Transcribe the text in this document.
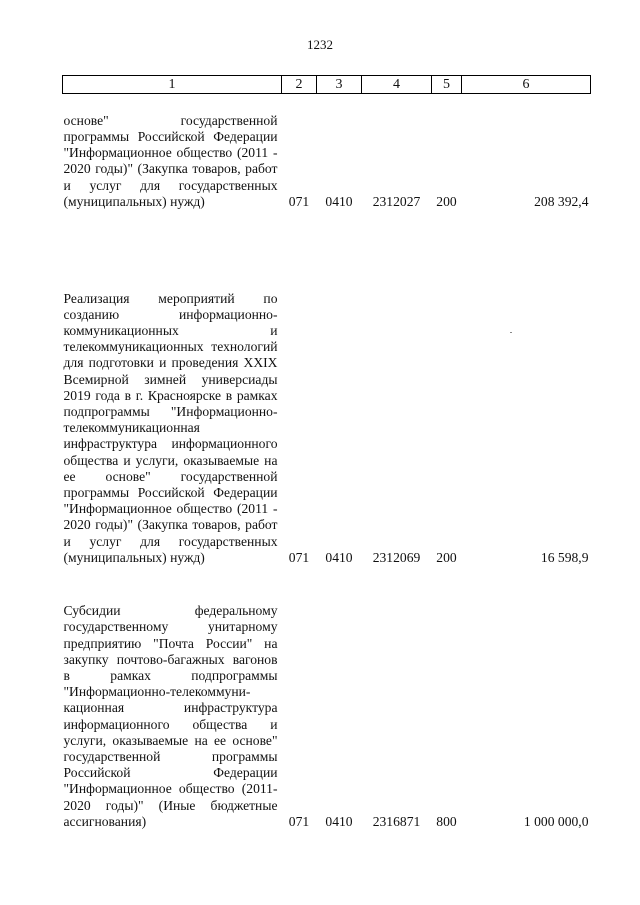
1232
1	2	3	4	5	6

основе" государственной программы Российской Федерации "Информационное общество (2011 - 2020 годы)" (Закупка товаров, работ и услуг для государственных (муниципальных) нужд)	071	0410	2312027	200	208 392,4

Реализация мероприятий по созданию информационно-коммуникационных и телекоммуникационных технологий для подготовки и проведения XXIX Всемирной зимней универсиады 2019 года в г. Красноярске в рамках подпрограммы "Информационно-телекоммуникационная инфраструктура информационного общества и услуги, оказываемые на ее основе" государственной программы Российской Федерации "Информационное общество (2011 - 2020 годы)" (Закупка товаров, работ и услуг для государственных (муниципальных) нужд)	071	0410	2312069	200	16 598,9

Субсидии федеральному государственному унитарному предприятию "Почта России" на закупку почтово-багажных вагонов в рамках подпрограммы "Информационно-телекоммуни-кационная инфраструктура информационного общества и услуги, оказываемые на ее основе" государственной программы Российской Федерации "Информационное общество (2011-2020 годы)" (Иные бюджетные ассигнования)	071	0410	2316871	800	1 000 000,0
